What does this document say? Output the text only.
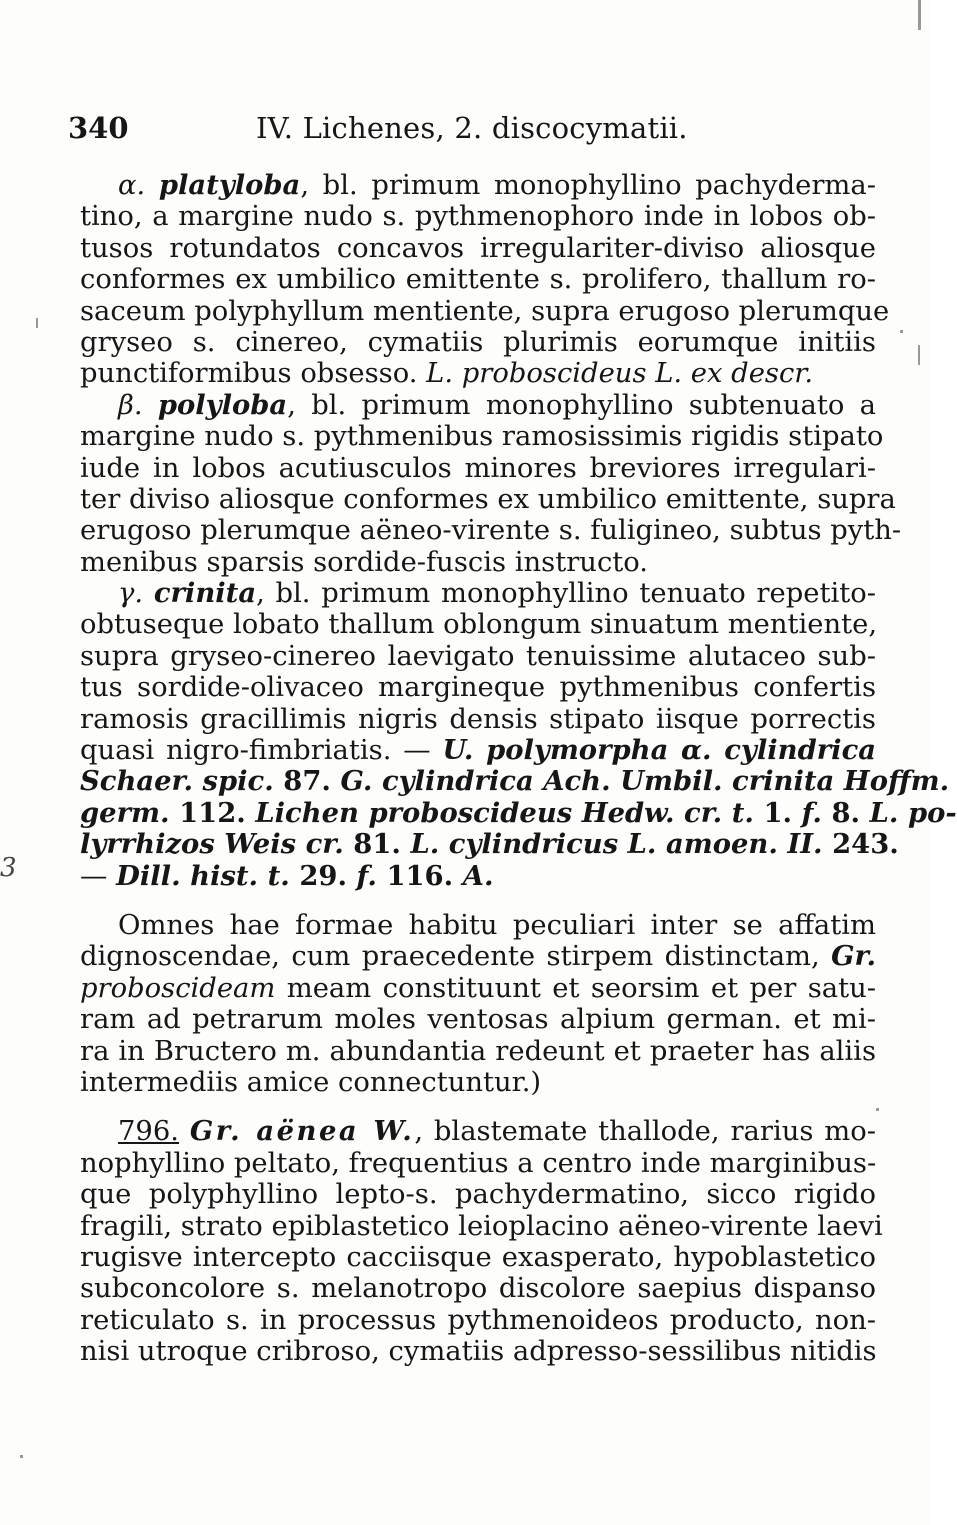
340	IV. Lichenes, 2. discocymatii.
3
α. platyloba, bl. primum monophyllino pachyderma-
tino, a margine nudo s. pythmenophoro inde in lobos ob-
tusos rotundatos concavos irregulariter-diviso aliosque
conformes ex umbilico emittente s. prolifero, thallum ro-
saceum polyphyllum mentiente, supra erugoso plerumque
gryseo s. cinereo, cymatiis plurimis eorumque initiis
punctiformibus obsesso. L. proboscideus L. ex descr.
β. polyloba, bl. primum monophyllino subtenuato a
margine nudo s. pythmenibus ramosissimis rigidis stipato
iude in lobos acutiusculos minores breviores irregulari-
ter diviso aliosque conformes ex umbilico emittente, supra
erugoso plerumque aëneo-virente s. fuligineo, subtus pyth-
menibus sparsis sordide-fuscis instructo.
γ. crinita, bl. primum monophyllino tenuato repetito-
obtuseque lobato thallum oblongum sinuatum mentiente,
supra gryseo-cinereo laevigato tenuissime alutaceo sub-
tus sordide-olivaceo margineque pythmenibus confertis
ramosis gracillimis nigris densis stipato iisque porrectis
quasi nigro-fimbriatis. — U. polymorpha α. cylindrica
Schaer. spic. 87. G. cylindrica Ach. Umbil. crinita Hoffm.
germ. 112. Lichen proboscideus Hedw. cr. t. 1. f. 8. L. po-
lyrrhizos Weis cr. 81. L. cylindricus L. amoen. II. 243.
— Dill. hist. t. 29. f. 116. A.
Omnes hae formae habitu peculiari inter se affatim
dignoscendae, cum praecedente stirpem distinctam, Gr.
proboscideam meam constituunt et seorsim et per satu-
ram ad petrarum moles ventosas alpium german. et mi-
ra in Bructero m. abundantia redeunt et praeter has aliis
intermediis amice connectuntur.)
796. Gr. aënea W., blastemate thallode, rarius mo-
nophyllino peltato, frequentius a centro inde marginibus-
que polyphyllino lepto-s. pachydermatino, sicco rigido
fragili, strato epiblastetico leioplacino aëneo-virente laevi
rugisve intercepto cacciisque exasperato, hypoblastetico
subconcolore s. melanotropo discolore saepius dispanso
reticulato s. in processus pythmenoideos producto, non-
nisi utroque cribroso, cymatiis adpresso-sessilibus nitidis
